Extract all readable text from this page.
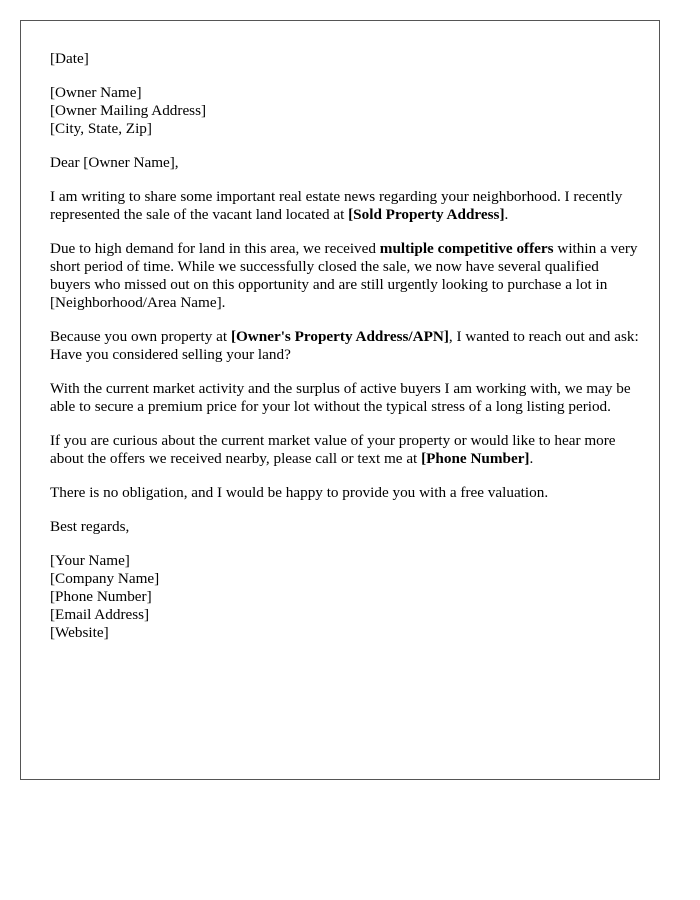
[Date]

[Owner Name]
[Owner Mailing Address]
[City, State, Zip]

Dear [Owner Name],

I am writing to share some important real estate news regarding your neighborhood. I recently represented the sale of the vacant land located at [Sold Property Address].

Due to high demand for land in this area, we received multiple competitive offers within a very short period of time. While we successfully closed the sale, we now have several qualified buyers who missed out on this opportunity and are still urgently looking to purchase a lot in [Neighborhood/Area Name].

Because you own property at [Owner's Property Address/APN], I wanted to reach out and ask: Have you considered selling your land?

With the current market activity and the surplus of active buyers I am working with, we may be able to secure a premium price for your lot without the typical stress of a long listing period.

If you are curious about the current market value of your property or would like to hear more about the offers we received nearby, please call or text me at [Phone Number].

There is no obligation, and I would be happy to provide you with a free valuation.

Best regards,

[Your Name]
[Company Name]
[Phone Number]
[Email Address]
[Website]
